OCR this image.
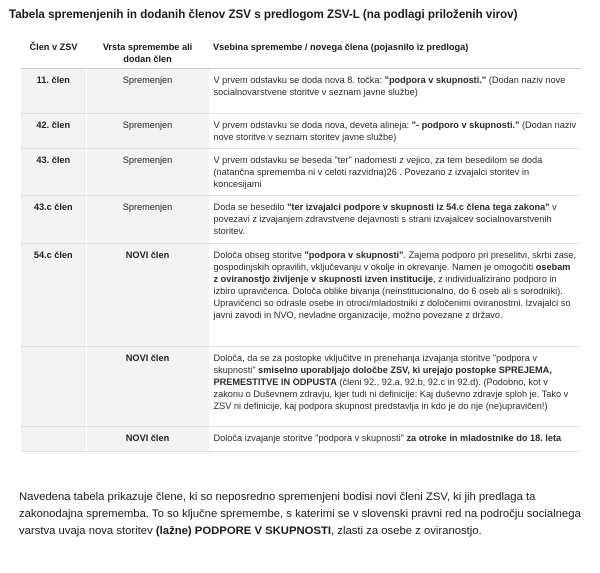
Tabela spremenjenih in dodanih členov ZSV s predlogom ZSV-L (na podlagi priloženih virov)
Člen v ZSV	Vrsta spremembe ali dodan člen	Vsebina spremembe / novega člena (pojasnilo iz predloga)
11. člen	Spremenjen	V prvem odstavku se doda nova 8. točka: "podpora v skupnosti." (Dodan naziv nove socialnovarstvene storitve v seznam javne službe)
42. člen	Spremenjen	V prvem odstavku se doda nova, deveta alineja: "- podporo v skupnosti." (Dodan naziv nove storitve v seznam storitev javne službe)
43. člen	Spremenjen	V prvem odstavku se beseda "ter" nadomesti z vejico, za tem besedilom se doda (natančna sprememba ni v celoti razvidna)26 . Povezano z izvajalci storitev in koncesijami
43.c člen	Spremenjen	Doda se besedilo "ter izvajalci podpore v skupnosti iz 54.c člena tega zakona" v povezavi z izvajanjem zdravstvene dejavnosti s strani izvajalcev socialnovarstvenih storitev.
54.c člen	NOVI člen	Določa obseg storitve "podpora v skupnosti". Zajema podporo pri preselitvi, skrbi zase, gospodinjskih opravilih, vključevanju v okolje in okrevanje. Namen je omogočiti osebam z oviranostjo življenje v skupnosti izven institucije, z individualizirano podporo in izbiro upravičenca. Določa oblike bivanja (neinstitucionalno, do 6 oseb ali s sorodniki). Upravičenci so odrasle osebe in otroci/mladostniki z določenimi oviranostmi. Izvajalci so javni zavodi in NVO, nevladne organizacije, možno povezane z državo.
	NOVI člen	Določa, da se za postopke vključitve in prenehanja izvajanja storitve "podpora v skupnosti" smiselno uporabljajo določbe ZSV, ki urejajo postopke SPREJEMA, PREMESTITVE IN ODPUSTA (členi 92., 92.a, 92.b, 92.c in 92.d). (Podobno, kot v zakonu o Duševnem zdravju, kjer tudi ni definicije: Kaj duševno zdravje sploh je. Tako v ZSV ni definicije, kaj podpora skupnost predstavlja in kdo je do nje (ne)upravičen!)
	NOVI člen	Določa izvajanje storitve "podpora v skupnosti" za otroke in mladostnike do 18. leta
Navedena tabela prikazuje člene, ki so neposredno spremenjeni bodisi novi členi ZSV, ki jih predlaga ta zakonodajna sprememba. To so ključne spremembe, s katerimi se v slovenski pravni red na področju socialnega varstva uvaja nova storitev (lažne) PODPORE V SKUPNOSTI, zlasti za osebe z oviranostjo.
